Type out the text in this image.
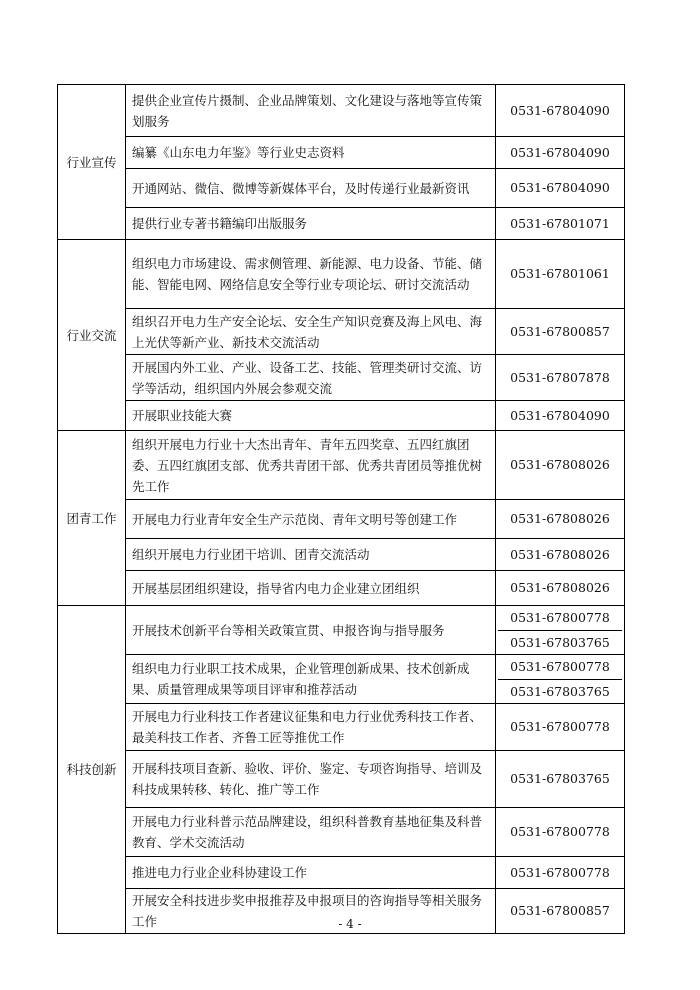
行业宣传	提供企业宣传片摄制、企业品牌策划、文化建设与落地等宣传策划服务	0531-67804090

	编纂《山东电力年鉴》等行业史志资料	0531-67804090

	开通网站、微信、微博等新媒体平台，及时传递行业最新资讯	0531-67804090

	提供行业专著书籍编印出版服务	0531-67801071

行业交流	组织电力市场建设、需求侧管理、新能源、电力设备、节能、储能、智能电网、网络信息安全等行业专项论坛、研讨交流活动	0531-67801061

	组织召开电力生产安全论坛、安全生产知识竞赛及海上风电、海上光伏等新产业、新技术交流活动	0531-67800857

	开展国内外工业、产业、设备工艺、技能、管理类研讨交流、访学等活动，组织国内外展会参观交流	0531-67807878

	开展职业技能大赛	0531-67804090

团青工作	组织开展电力行业十大杰出青年、青年五四奖章、五四红旗团委、五四红旗团支部、优秀共青团干部、优秀共青团员等推优树先工作	0531-67808026

	开展电力行业青年安全生产示范岗、青年文明号等创建工作	0531-67808026

	组织开展电力行业团干培训、团青交流活动	0531-67808026

	开展基层团组织建设，指导省内电力企业建立团组织	0531-67808026

科技创新	开展技术创新平台等相关政策宣贯、申报咨询与指导服务	0531-67800778
0531-67803765

	组织电力行业职工技术成果，企业管理创新成果、技术创新成果、质量管理成果等项目评审和推荐活动	0531-67800778
0531-67803765

	开展电力行业科技工作者建议征集和电力行业优秀科技工作者、最美科技工作者、齐鲁工匠等推优工作	0531-67800778

	开展科技项目查新、验收、评价、鉴定、专项咨询指导、培训及科技成果转移、转化、推广等工作	0531-67803765

	开展电力行业科普示范品牌建设，组织科普教育基地征集及科普教育、学术交流活动	0531-67800778

	推进电力行业企业科协建设工作	0531-67800778

	开展安全科技进步奖申报推荐及申报项目的咨询指导等相关服务工作	0531-67800857
- 4 -
